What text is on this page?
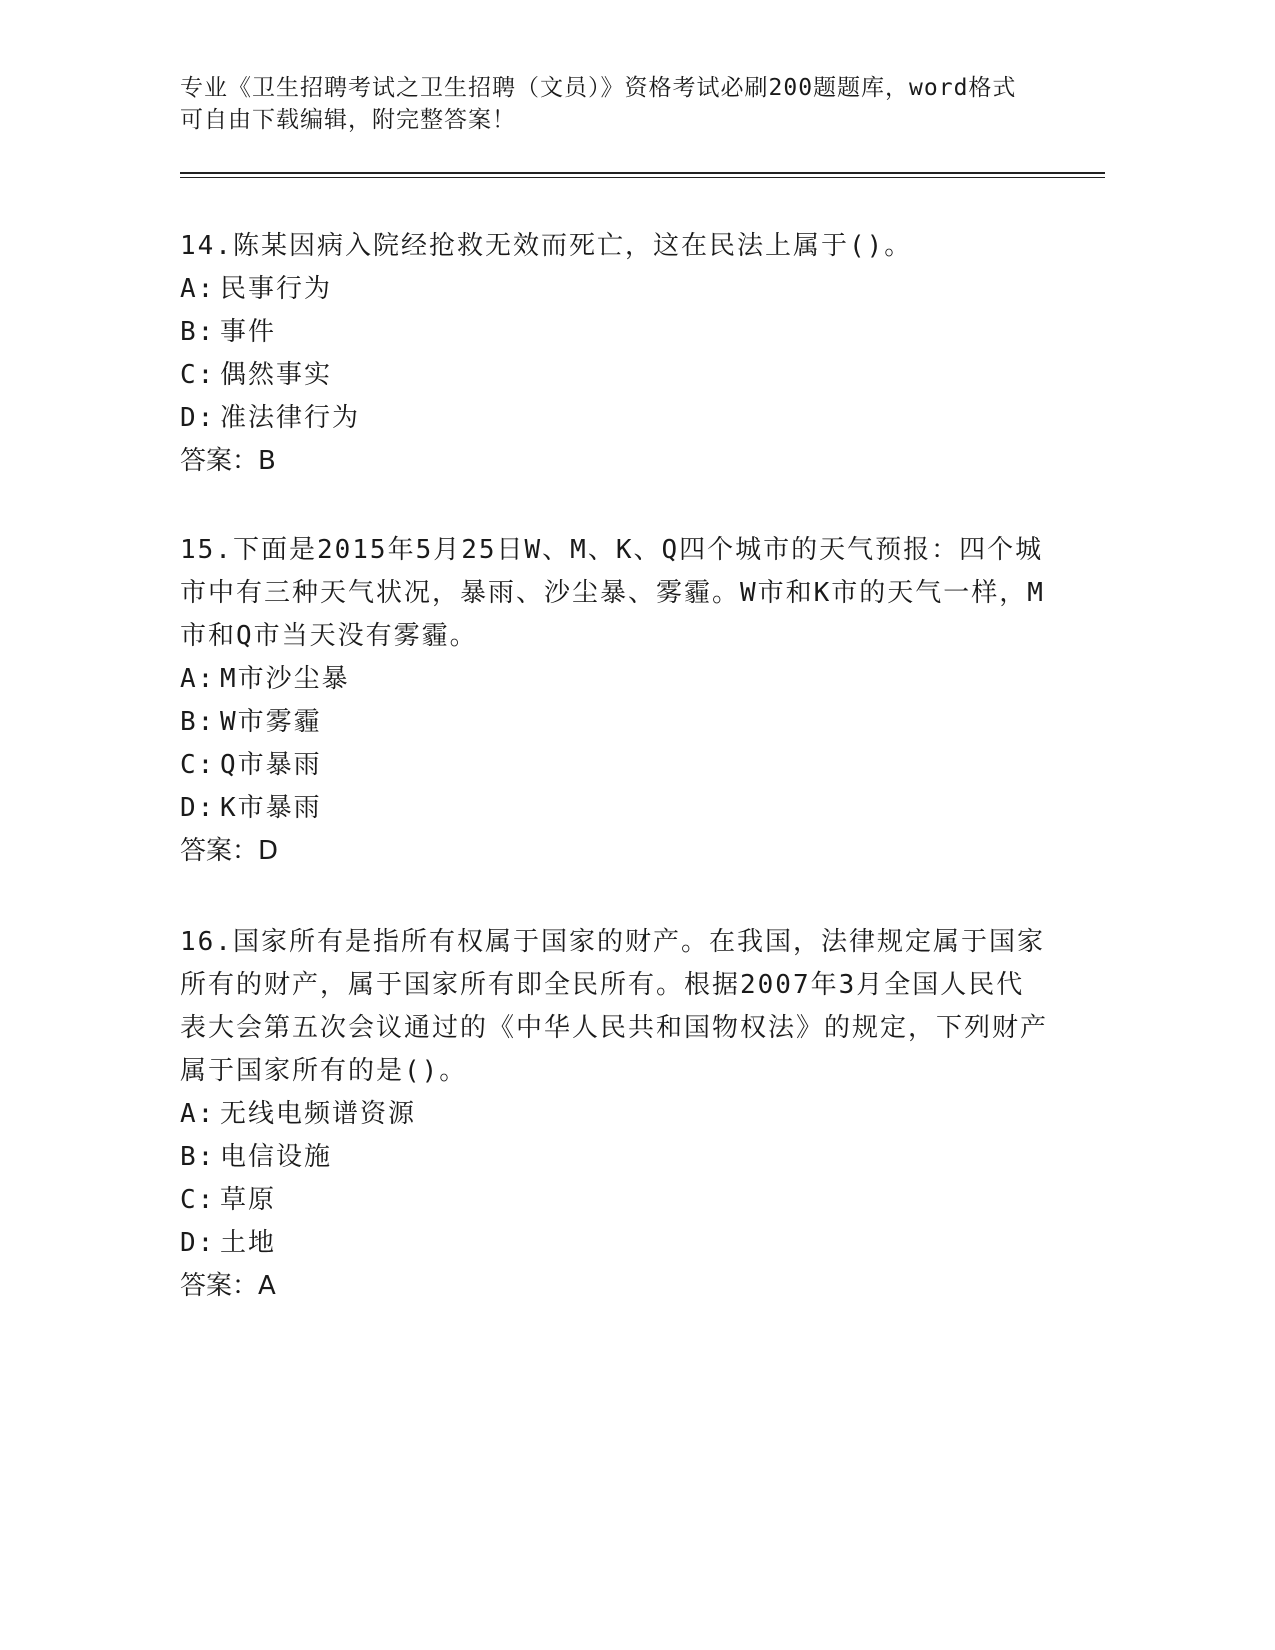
专业《卫生招聘考试之卫生招聘（文员）》资格考试必刷200题题库，word格式
可自由下载编辑，附完整答案！

14.陈某因病入院经抢救无效而死亡，这在民法上属于()。

A: 民事行为

B: 事件

C: 偶然事实

D: 准法律行为

答案：B

15.下面是2015年5月25日W、M、K、Q四个城市的天气预报：四个城市中有三种天气状况，暴雨、沙尘暴、雾霾。W市和K市的天气一样，M市和Q市当天没有雾霾。

A: M市沙尘暴

B: W市雾霾

C: Q市暴雨

D: K市暴雨

答案：D

16.国家所有是指所有权属于国家的财产。在我国，法律规定属于国家所有的财产，属于国家所有即全民所有。根据2007年3月全国人民代表大会第五次会议通过的《中华人民共和国物权法》的规定，下列财产属于国家所有的是()。

A: 无线电频谱资源

B: 电信设施

C: 草原

D: 土地

答案：A
